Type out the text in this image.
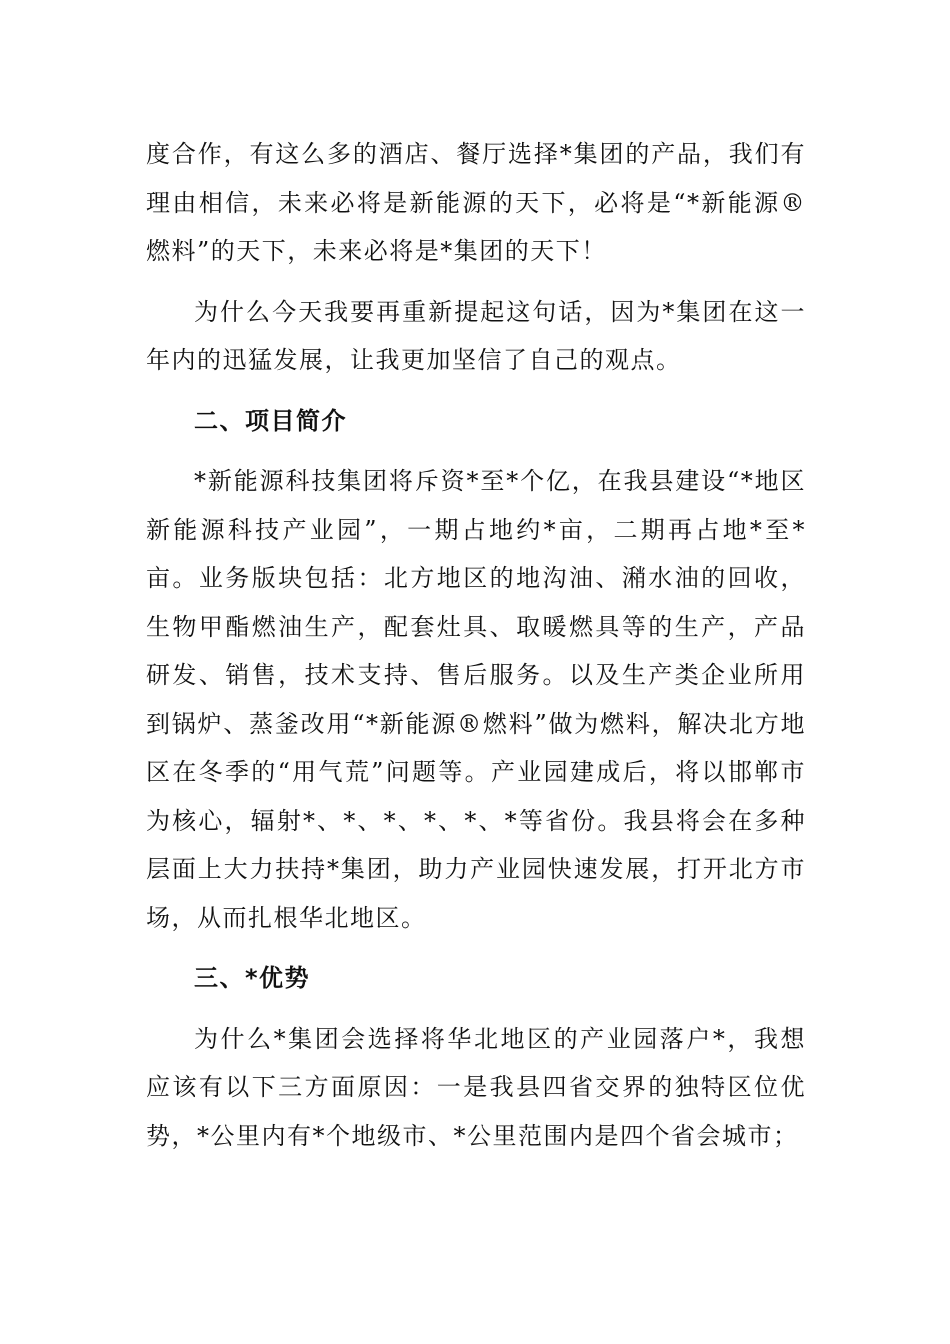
度合作，有这么多的酒店、餐厅选择*集团的产品，我们有理由相信，未来必将是新能源的天下，必将是“*新能源®燃料”的天下，未来必将是*集团的天下！

为什么今天我要再重新提起这句话，因为*集团在这一年内的迅猛发展，让我更加坚信了自己的观点。

二、项目简介

*新能源科技集团将斥资*至*个亿，在我县建设“*地区新能源科技产业园”，一期占地约*亩，二期再占地*至*亩。业务版块包括：北方地区的地沟油、潲水油的回收，生物甲酯燃油生产，配套灶具、取暖燃具等的生产，产品研发、销售，技术支持、售后服务。以及生产类企业所用到锅炉、蒸釜改用“*新能源®燃料”做为燃料，解决北方地区在冬季的“用气荒”问题等。产业园建成后，将以邯郸市为核心，辐射*、*、*、*、*、*等省份。我县将会在多种层面上大力扶持*集团，助力产业园快速发展，打开北方市场，从而扎根华北地区。

三、*优势

为什么*集团会选择将华北地区的产业园落户*，我想应该有以下三方面原因：一是我县四省交界的独特区位优势，*公里内有*个地级市、*公里范围内是四个省会城市；
